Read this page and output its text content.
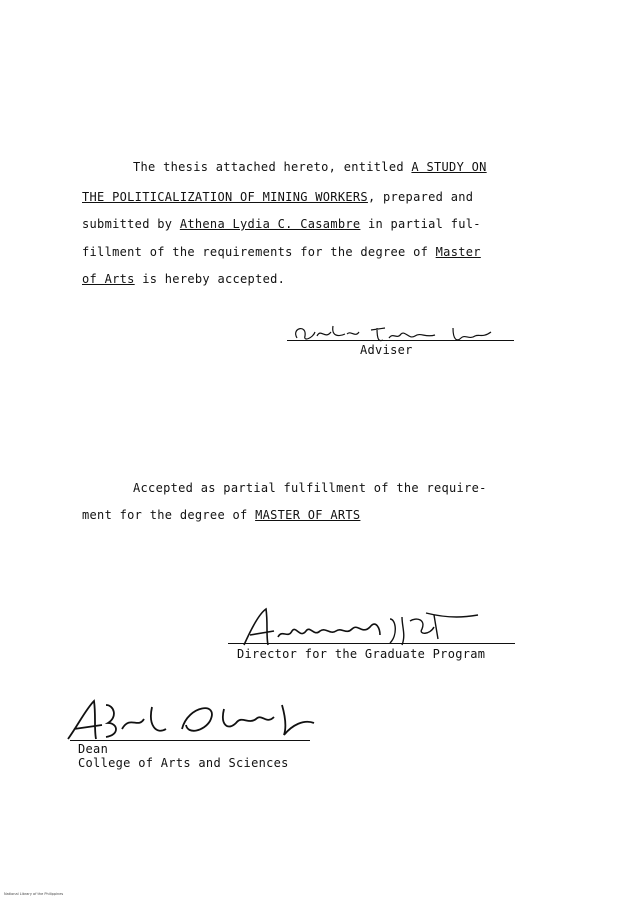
The thesis attached hereto, entitled A STUDY ON
THE POLITICALIZATION OF MINING WORKERS, prepared and
submitted by Athena Lydia C. Casambre in partial ful-
fillment of the requirements for the degree of Master
of Arts is hereby accepted.
Adviser
Accepted as partial fulfillment of the require-
ment for the degree of MASTER OF ARTS
Director for the Graduate Program
Dean
College of Arts and Sciences
National Library of the Philippines
